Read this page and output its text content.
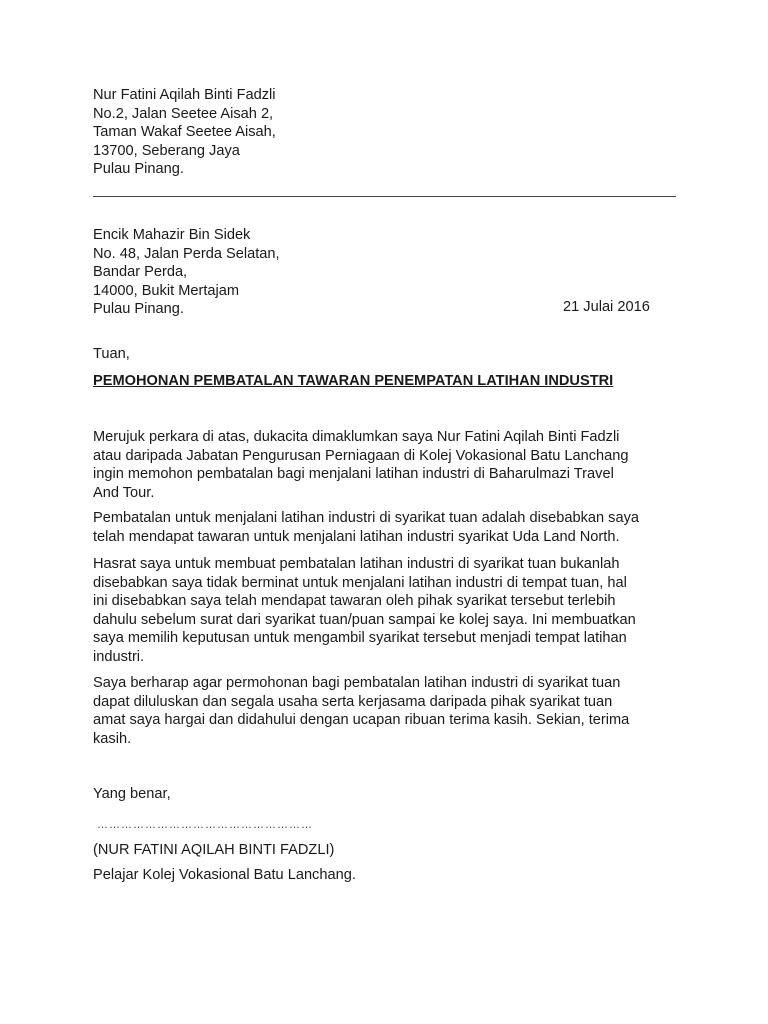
Nur Fatini Aqilah Binti Fadzli
No.2, Jalan Seetee Aisah 2,
Taman Wakaf Seetee Aisah,
13700, Seberang Jaya
Pulau Pinang.
Encik Mahazir Bin Sidek
No. 48, Jalan Perda Selatan,
Bandar Perda,
14000, Bukit Mertajam
Pulau Pinang.	21 Julai 2016
Tuan,
PEMOHONAN PEMBATALAN TAWARAN PENEMPATAN LATIHAN INDUSTRI
Merujuk perkara di atas, dukacita dimaklumkan saya Nur Fatini Aqilah Binti Fadzli
atau daripada Jabatan Pengurusan Perniagaan di Kolej Vokasional Batu Lanchang
ingin memohon pembatalan bagi menjalani latihan industri di Baharulmazi Travel
And Tour.
Pembatalan untuk menjalani latihan industri di syarikat tuan adalah disebabkan saya
telah mendapat tawaran untuk menjalani latihan industri syarikat Uda Land North.
Hasrat saya untuk membuat pembatalan latihan industri di syarikat tuan bukanlah
disebabkan saya tidak berminat untuk menjalani latihan industri di tempat tuan, hal
ini disebabkan saya telah mendapat tawaran oleh pihak syarikat tersebut terlebih
dahulu sebelum surat dari syarikat tuan/puan sampai ke kolej saya. Ini membuatkan
saya memilih keputusan untuk mengambil syarikat tersebut menjadi tempat latihan
industri.
Saya berharap agar permohonan bagi pembatalan latihan industri di syarikat tuan
dapat diluluskan dan segala usaha serta kerjasama daripada pihak syarikat tuan
amat saya hargai dan didahului dengan ucapan ribuan terima kasih. Sekian, terima
kasih.
Yang benar,
………………………………………………
(NUR FATINI AQILAH BINTI FADZLI)
Pelajar Kolej Vokasional Batu Lanchang.
